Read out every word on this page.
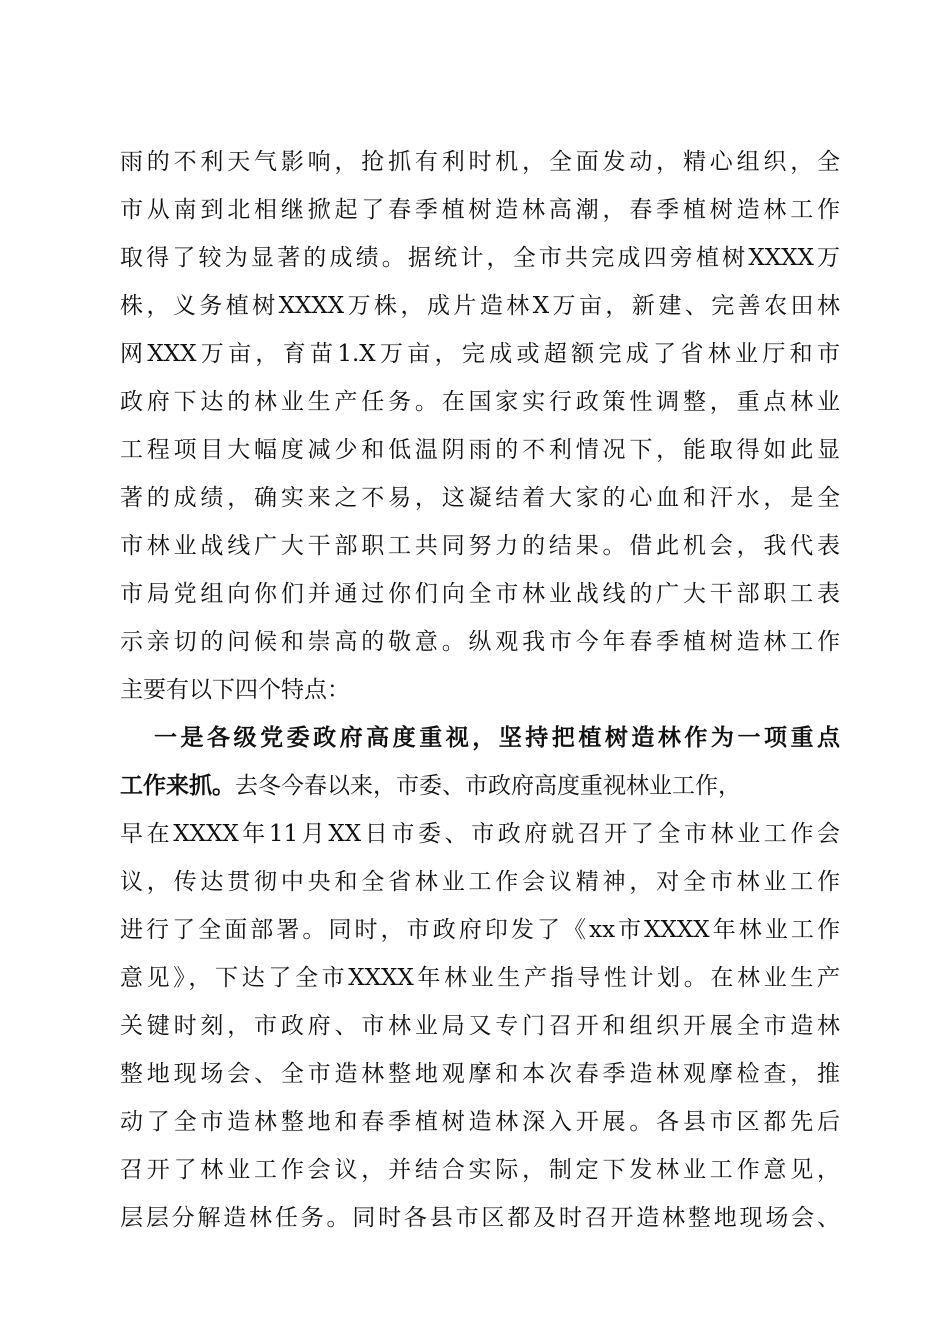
雨的不利天气影响，抢抓有利时机，全面发动，精心组织，全
市从南到北相继掀起了春季植树造林高潮，春季植树造林工作
取得了较为显著的成绩。据统计，全市共完成四旁植树XXXX万
株，义务植树XXXX万株，成片造林X万亩，新建、完善农田林
网XXX万亩，育苗1.X万亩，完成或超额完成了省林业厅和市
政府下达的林业生产任务。在国家实行政策性调整，重点林业
工程项目大幅度减少和低温阴雨的不利情况下，能取得如此显
著的成绩，确实来之不易，这凝结着大家的心血和汗水，是全
市林业战线广大干部职工共同努力的结果。借此机会，我代表
市局党组向你们并通过你们向全市林业战线的广大干部职工表
示亲切的问候和崇高的敬意。纵观我市今年春季植树造林工作
主要有以下四个特点：
一是各级党委政府高度重视，坚持把植树造林作为一项重点
工作来抓。去冬今春以来，市委、市政府高度重视林业工作，
早在XXXX年11月XX日市委、市政府就召开了全市林业工作会
议，传达贯彻中央和全省林业工作会议精神，对全市林业工作
进行了全面部署。同时，市政府印发了《xx市XXXX年林业工作
意见》，下达了全市XXXX年林业生产指导性计划。在林业生产
关键时刻，市政府、市林业局又专门召开和组织开展全市造林
整地现场会、全市造林整地观摩和本次春季造林观摩检查，推
动了全市造林整地和春季植树造林深入开展。各县市区都先后
召开了林业工作会议，并结合实际，制定下发林业工作意见，
层层分解造林任务。同时各县市区都及时召开造林整地现场会、
